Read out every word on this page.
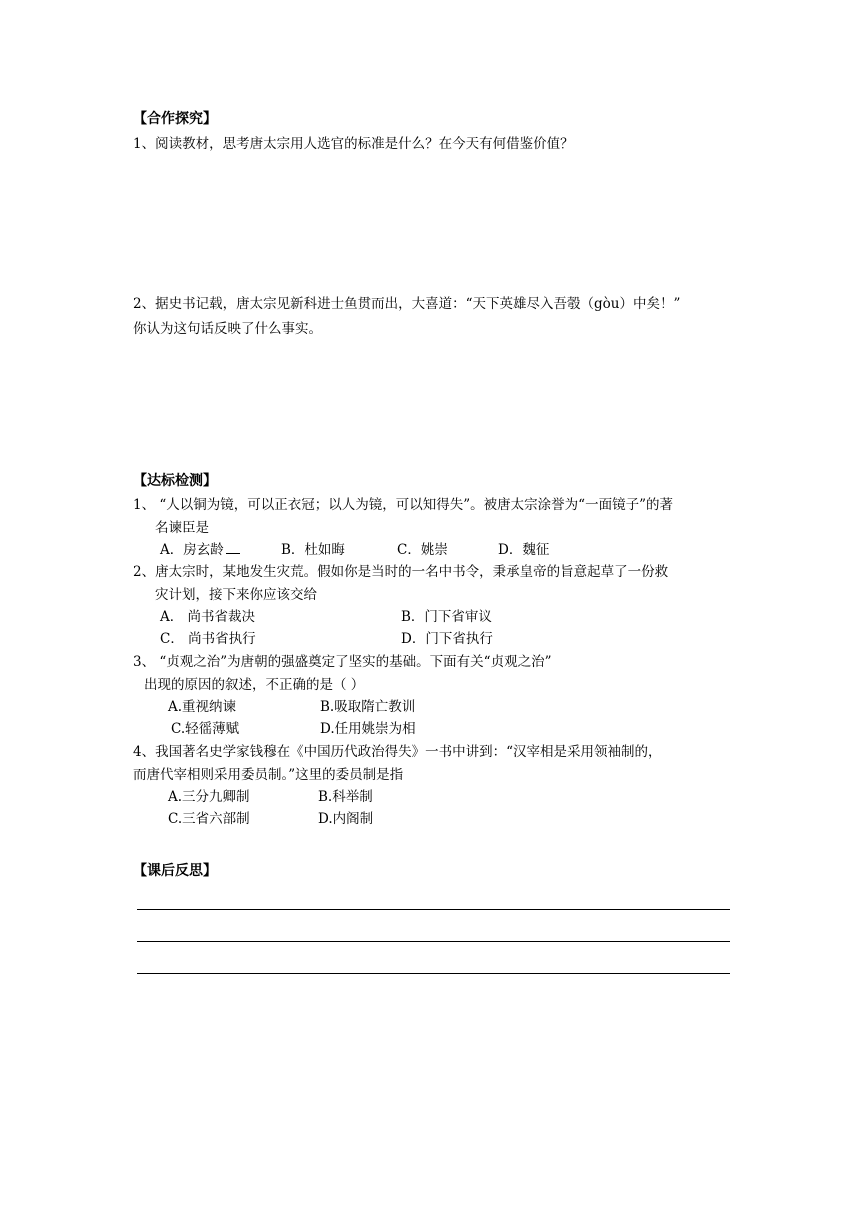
【合作探究】
1、阅读教材，思考唐太宗用人选官的标准是什么？在今天有何借鉴价值？
2、据史书记载，唐太宗见新科进士鱼贯而出，大喜道：“天下英雄尽入吾彀（gòu）中矣！”
你认为这句话反映了什么事实。
【达标检测】
1、 “人以铜为镜，可以正衣冠；以人为镜，可以知得失”。被唐太宗涂誉为“一面镜子”的著
名谏臣是
A．房玄龄	B．杜如晦	C．姚崇	D．魏征
2、唐太宗时，某地发生灾荒。假如你是当时的一名中书令，秉承皇帝的旨意起草了一份救
灾计划，接下来你应该交给
A． 尚书省裁决	B．门下省审议
C． 尚书省执行	D．门下省执行
3、 “贞观之治”为唐朝的强盛奠定了坚实的基础。下面有关“贞观之治”
出现的原因的叙述，不正确的是（ ）
A.重视纳谏	B.吸取隋亡教训
C.轻徭薄赋	D.任用姚崇为相
4、我国著名史学家钱穆在《中国历代政治得失》一书中讲到：“汉宰相是采用领袖制的，
而唐代宰相则采用委员制。”这里的委员制是指
A.三分九卿制	B.科举制
C.三省六部制	D.内阁制
【课后反思】
